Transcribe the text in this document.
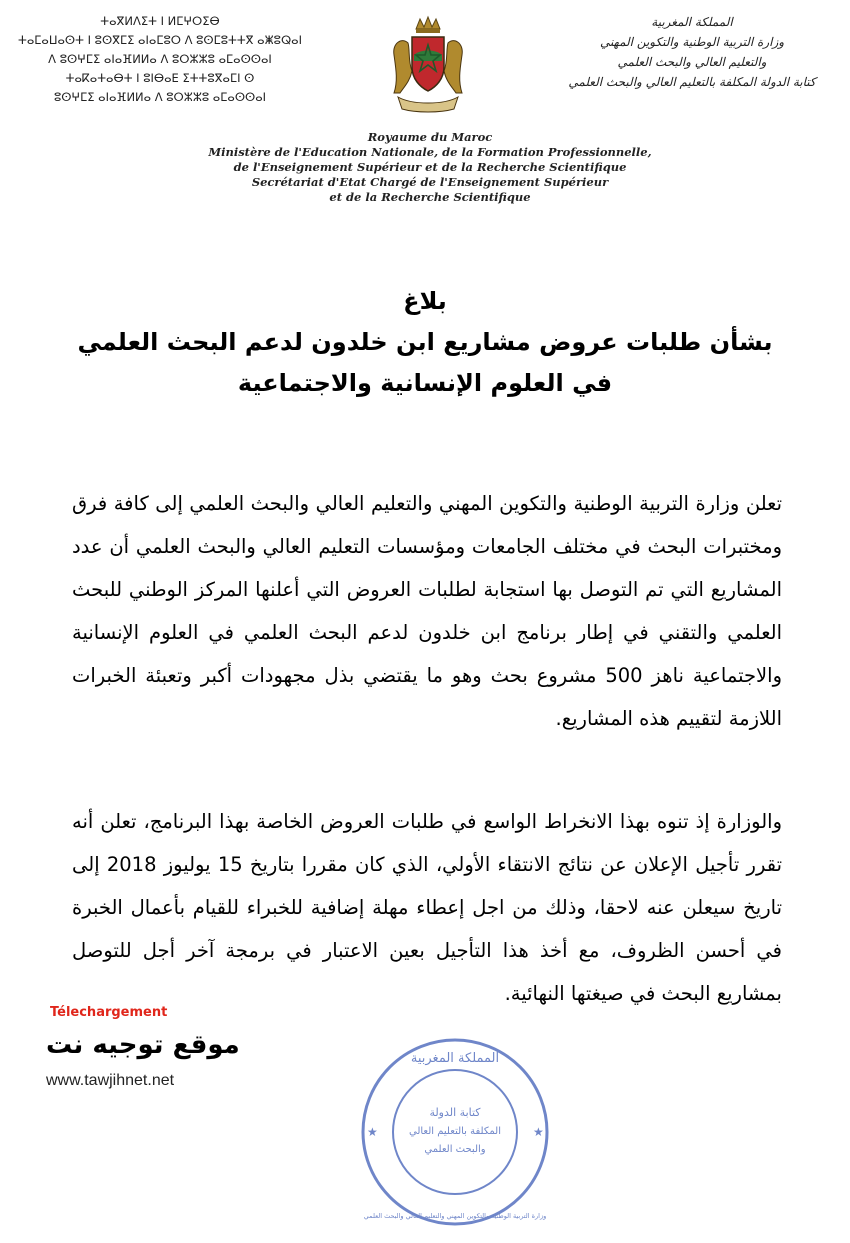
ⵜⴰⴳⵍⴷⵉⵜ ⵏ ⵍⵎⵖⵔⵉⴱ
ⵜⴰⵎⴰⵡⴰⵙⵜ ⵏ ⵓⵙⴳⵎⵉ ⴰⵏⴰⵎⵓⵔ ⴷ ⵓⵙⵎⵓⵜⵜⴳ ⴰⵥⵓⵕⴰⵏ
ⴷ ⵓⵙⵖⵎⵉ ⴰⵏⴰⴼⵍⵍⴰ ⴷ ⵓⵔⵣⵣⵓ ⴰⵎⴰⵙⵙⴰⵏ
ⵜⴰⴽⴰⵜⴰⴱⵜ ⵏ ⵓⵏⴱⴰⴹ ⵉⵜⵜⵓⴳⴰⵎⵏ ⵙ
ⵓⵙⵖⵎⵉ ⴰⵏⴰⴼⵍⵍⴰ ⴷ ⵓⵔⵣⵣⵓ ⴰⵎⴰⵙⵙⴰⵏ
المملكة المغربية
وزارة التربية الوطنية والتكوين المهني
والتعليم العالي والبحث العلمي
كتابة الدولة المكلفة بالتعليم العالي والبحث العلمي
Royaume du Maroc
Ministère de l'Education Nationale, de la Formation Professionnelle,
de l'Enseignement Supérieur et de la Recherche Scientifique
Secrétariat d'Etat Chargé de l'Enseignement Supérieur
et de la Recherche Scientifique
بلاغ
بشأن طلبات عروض مشاريع ابن خلدون لدعم البحث العلمي
في العلوم الإنسانية والاجتماعية
تعلن وزارة التربية الوطنية والتكوين المهني والتعليم العالي والبحث العلمي إلى كافة فرق ومختبرات البحث في مختلف الجامعات ومؤسسات التعليم العالي والبحث العلمي أن عدد المشاريع التي تم التوصل بها استجابة لطلبات العروض التي أعلنها المركز الوطني للبحث العلمي والتقني في إطار برنامج ابن خلدون لدعم البحث العلمي في العلوم الإنسانية والاجتماعية ناهز 500 مشروع بحث وهو ما يقتضي بذل مجهودات أكبر وتعبئة الخبرات اللازمة لتقييم هذه المشاريع.
والوزارة إذ تنوه بهذا الانخراط الواسع في طلبات العروض الخاصة بهذا البرنامج، تعلن أنه تقرر تأجيل الإعلان عن نتائج الانتقاء الأولي، الذي كان مقررا بتاريخ 15 يوليوز 2018 إلى تاريخ سيعلن عنه لاحقا، وذلك من اجل إعطاء مهلة إضافية للخبراء للقيام بأعمال الخبرة في أحسن الظروف، مع أخذ هذا التأجيل بعين الاعتبار في برمجة آخر أجل للتوصل بمشاريع البحث في صيغتها النهائية.
Télechargement
موقع توجيه نت
www.tawjihnet.net
المملكة المغربية
وزارة التربية الوطنية والتكوين المهني والتعليم العالي والبحث العلمي
كتابة الدولة
المكلفة بالتعليم العالي
والبحث العلمي
★	★
